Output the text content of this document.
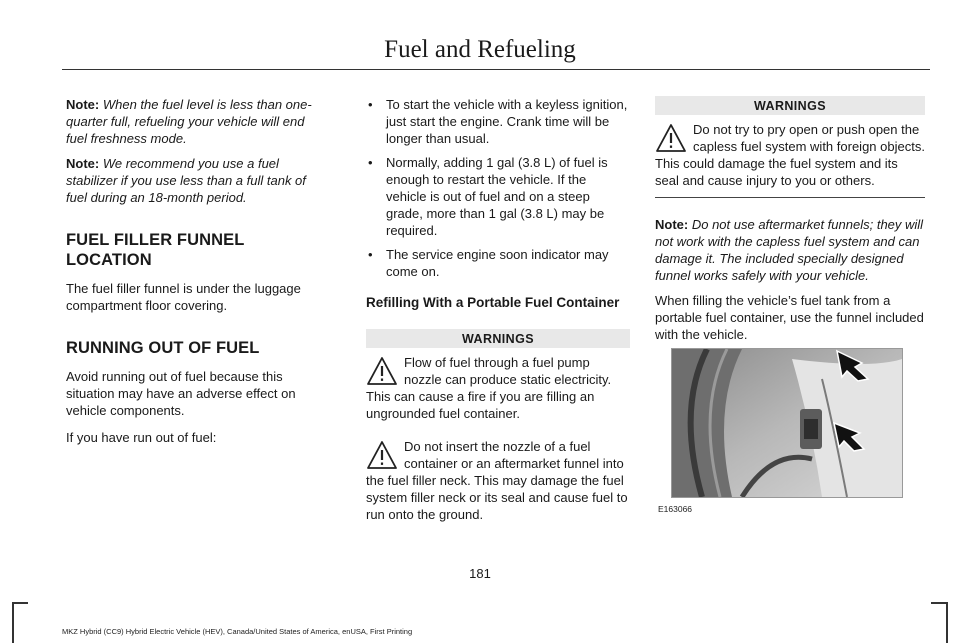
Fuel and Refueling

Note: When the fuel level is less than one-quarter full, refueling your vehicle will end fuel freshness mode.

Note: We recommend you use a fuel stabilizer if you use less than a full tank of fuel during an 18-month period.

FUEL FILLER FUNNEL LOCATION

The fuel filler funnel is under the luggage compartment floor covering.

RUNNING OUT OF FUEL

Avoid running out of fuel because this situation may have an adverse effect on vehicle components.

If you have run out of fuel:

• To start the vehicle with a keyless ignition, just start the engine. Crank time will be longer than usual.
• Normally, adding 1 gal (3.8 L) of fuel is enough to restart the vehicle. If the vehicle is out of fuel and on a steep grade, more than 1 gal (3.8 L) may be required.
• The service engine soon indicator may come on.
Refilling With a Portable Fuel Container
WARNINGS
Flow of fuel through a fuel pump nozzle can produce static electricity. This can cause a fire if you are filling an ungrounded fuel container.
Do not insert the nozzle of a fuel container or an aftermarket funnel into the fuel filler neck. This may damage the fuel system filler neck or its seal and cause fuel to run onto the ground.
WARNINGS
Do not try to pry open or push open the capless fuel system with foreign objects. This could damage the fuel system and its seal and cause injury to you or others.

Note: Do not use aftermarket funnels; they will not work with the capless fuel system and can damage it. The included specially designed funnel works safely with your vehicle.

When filling the vehicle’s fuel tank from a portable fuel container, use the funnel included with the vehicle.

E163066
181
MKZ Hybrid (CC9) Hybrid Electric Vehicle (HEV), Canada/United States of America, enUSA, First Printing
